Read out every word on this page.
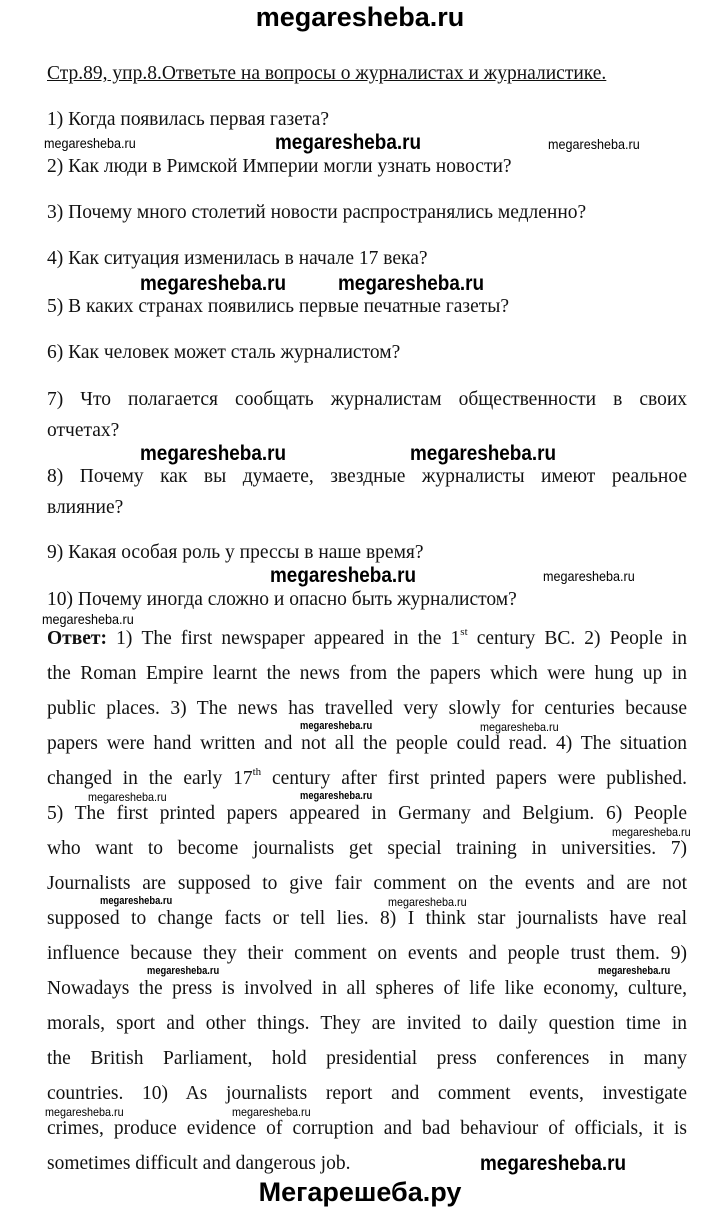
megaresheba.ru
Стр.89, упр.8.Ответьте на вопросы о журналистах и журналистике.
1) Когда появилась первая газета?
2) Как люди в Римской Империи могли узнать новости?
3) Почему много столетий новости распространялись медленно?
4) Как ситуация изменилась в начале 17 века?
5) В каких странах появились первые печатные газеты?
6) Как человек может сталь журналистом?
7) Что полагается сообщать журналистам общественности в своих
отчетах?
8) Почему как вы думаете, звездные журналисты имеют реальное
влияние?
9) Какая особая роль у прессы в наше время?
10) Почему иногда сложно и опасно быть журналистом?
Ответ: 1) The first newspaper appeared in the 1st century BC. 2) People in
the Roman Empire learnt the news from the papers which were hung up in
public places. 3) The news has travelled very slowly for centuries because
papers were hand written and not all the people could read. 4) The situation
changed in the early 17th century after first printed papers were published.
5) The first printed papers appeared in Germany and Belgium. 6) People
who want to become journalists get special training in universities. 7)
Journalists are supposed to give fair comment on the events and are not
supposed to change facts or tell lies. 8) I think star journalists have real
influence because they their comment on events and people trust them. 9)
Nowadays the press is involved in all spheres of life like economy, culture,
morals, sport and other things. They are invited to daily question time in
the British Parliament, hold presidential press conferences in many
countries. 10) As journalists report and comment events, investigate
crimes, produce evidence of corruption and bad behaviour of officials, it is
sometimes difficult and dangerous job.
megaresheba.ru	megaresheba.ru	megaresheba.ru
megaresheba.ru megaresheba.ru
megaresheba.ru	megaresheba.ru
megaresheba.ru	megaresheba.ru
megaresheba.ru
megaresheba.ru	megaresheba.ru
megaresheba.ru	megaresheba.ru
megaresheba.ru
megaresheba.ru	megaresheba.ru
megaresheba.ru	megaresheba.ru
megaresheba.ru	megaresheba.ru
megaresheba.ru
Мегарешеба.ру
